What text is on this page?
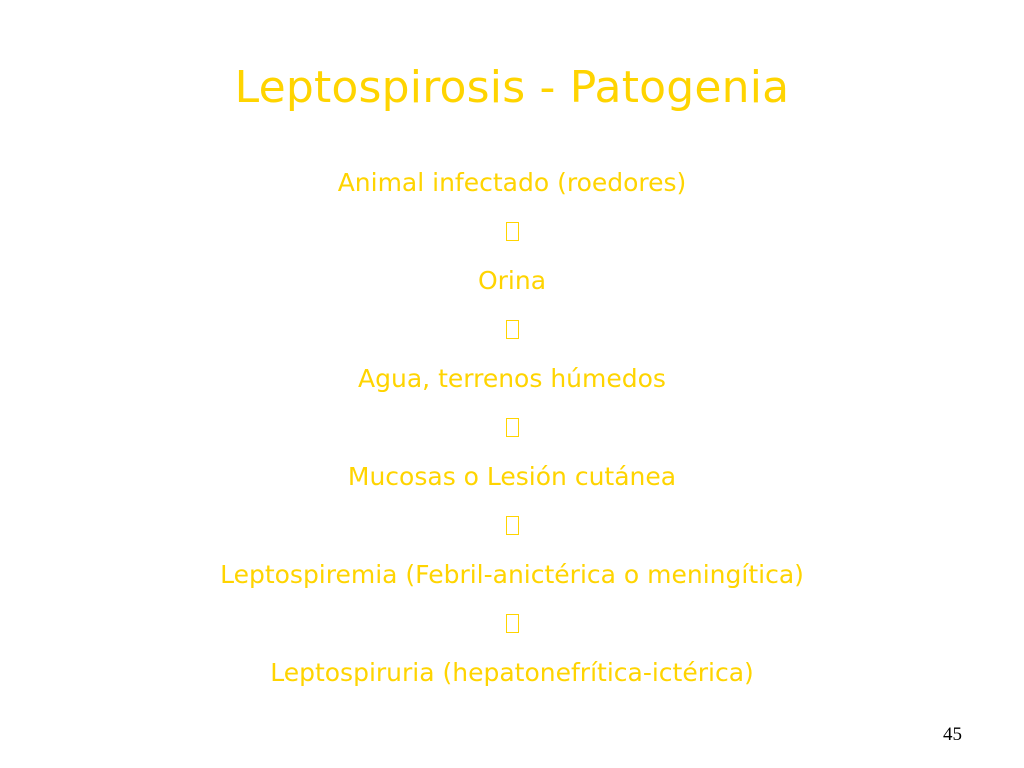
Leptospirosis - Patogenia
Animal infectado (roedores)
Orina
Agua, terrenos húmedos
Mucosas o Lesión cutánea
Leptospiremia (Febril-anictérica o meningítica)
Leptospiruria (hepatonefrítica-ictérica)
45
